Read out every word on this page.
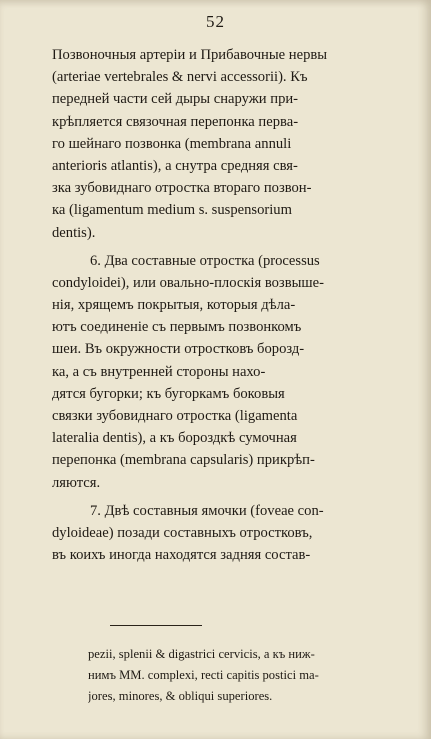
52
Позвоночныя артеріи и Прибавочные нервы
(arteriae vertebrales & nervi accessorii). Къ
передней части сей дыры снаружи при-
крѣпляется связочная перепонка перва-
го шейнаго позвонка (membrana annuli
anterioris atlantis), а снутра средняя свя-
зка зубовиднаго отростка втораго позвон-
ка (ligamentum medium s. suspensorium
dentis).
6. Два составные отростка (processus
condyloidei), или овально-плоскія возвыше-
нія, хрящемъ покрытыя, которыя дѣла-
ютъ соединеніе съ первымъ позвонкомъ
шеи. Въ окружности отростковъ борозд-
ка, а съ внутренней стороны нахо-
дятся бугорки; къ бугоркамъ боковыя
связки зубовиднаго отростка (ligamenta
lateralia dentis), а къ бороздкѣ сумочная
перепонка (membrana capsularis) прикрѣп-
ляются.
7. Двѣ составныя ямочки (foveae con-
dyloideae) позади составныхъ отростковъ,
въ коихъ иногда находятся задняя состав-
pezii, splenii & digastrici cervicis, а къ ниж-
нимъ MM. complexi, recti capitis postici ma-
jores, minores, & obliqui superiores.
